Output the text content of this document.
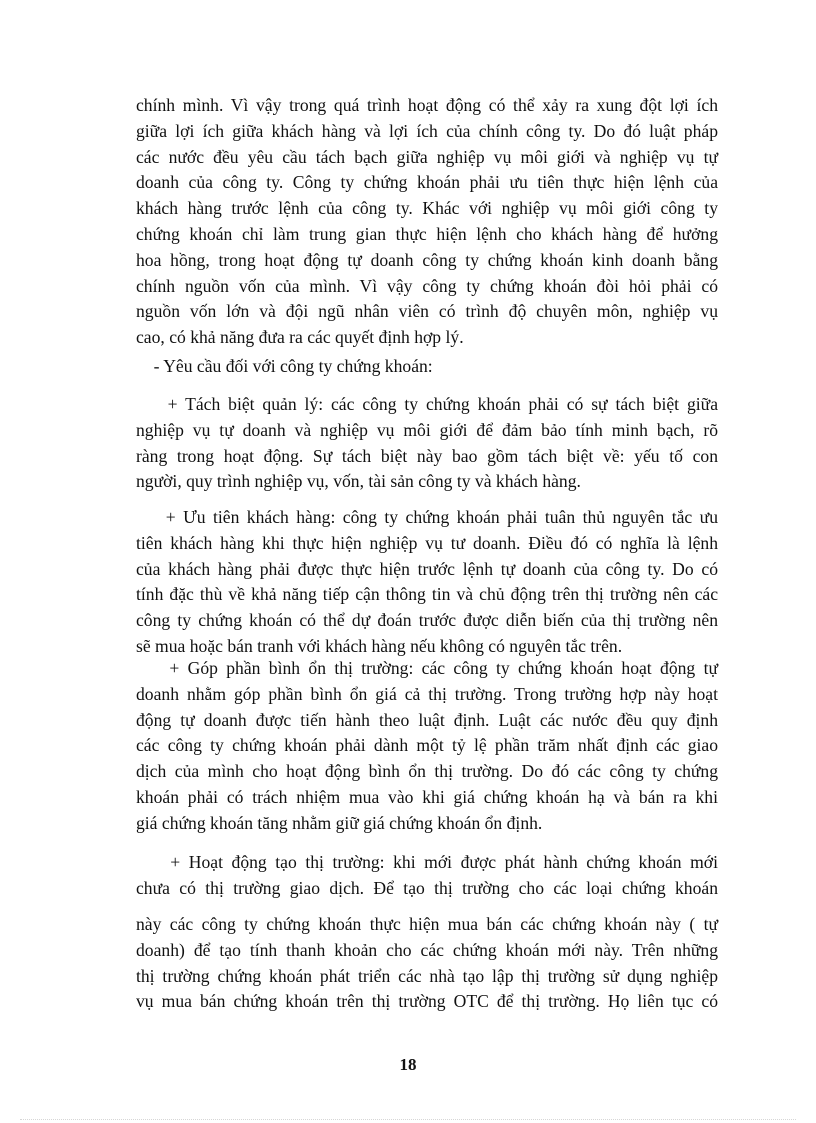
chính mình. Vì vậy trong quá trình hoạt động có thể xảy ra xung đột lợi ích
giữa lợi ích giữa khách hàng và lợi ích của chính công ty. Do đó luật pháp
các nước đều yêu cầu tách bạch giữa nghiệp vụ môi giới và nghiệp vụ tự
doanh của công ty. Công ty chứng khoán phải ưu tiên thực hiện lệnh của
khách hàng trước lệnh của công ty. Khác với nghiệp vụ môi giới công ty
chứng khoán chỉ làm trung gian thực hiện lệnh cho khách hàng để hưởng
hoa hồng, trong hoạt động tự doanh công ty chứng khoán kinh doanh bằng
chính nguồn vốn của mình. Vì vậy công ty chứng khoán đòi hỏi phải có
nguồn vốn lớn và đội ngũ nhân viên có trình độ chuyên môn, nghiệp vụ
cao, có khả năng đưa ra các quyết định hợp lý.
- Yêu cầu đối với công ty chứng khoán:
+ Tách biệt quản lý: các công ty chứng khoán phải có sự tách biệt giữa
nghiệp vụ tự doanh và nghiệp vụ môi giới để đảm bảo tính minh bạch, rõ
ràng trong hoạt động. Sự tách biệt này bao gồm tách biệt về: yếu tố con
người, quy trình nghiệp vụ, vốn, tài sản công ty và khách hàng.
+ Ưu tiên khách hàng: công ty chứng khoán phải tuân thủ nguyên tắc ưu
tiên khách hàng khi thực hiện nghiệp vụ tư doanh. Điều đó có nghĩa là lệnh
của khách hàng phải được thực hiện trước lệnh tự doanh của công ty. Do có
tính đặc thù về khả năng tiếp cận thông tin và chủ động trên thị trường nên các
công ty chứng khoán có thể dự đoán trước được diễn biến của thị trường nên
sẽ mua hoặc bán tranh với khách hàng nếu không có nguyên tắc trên.
+ Góp phần bình ổn thị trường: các công ty chứng khoán hoạt động tự
doanh nhằm góp phần bình ổn giá cả thị trường. Trong trường hợp này hoạt
động tự doanh được tiến hành theo luật định. Luật các nước đều quy định
các công ty chứng khoán phải dành một tỷ lệ phần trăm nhất định các giao
dịch của mình cho hoạt động bình ổn thị trường. Do đó các công ty chứng
khoán phải có trách nhiệm mua vào khi giá chứng khoán hạ và bán ra khi
giá chứng khoán tăng nhằm giữ giá chứng khoán ổn định.
+ Hoạt động tạo thị trường: khi mới được phát hành chứng khoán mới
chưa có thị trường giao dịch. Để tạo thị trường cho các loại chứng khoán
này các công ty chứng khoán thực hiện mua bán các chứng khoán này ( tự
doanh) để tạo tính thanh khoản cho các chứng khoán mới này. Trên những
thị trường chứng khoán phát triển các nhà tạo lập thị trường sử dụng nghiệp
vụ mua bán chứng khoán trên thị trường OTC để thị trường. Họ liên tục có
18
